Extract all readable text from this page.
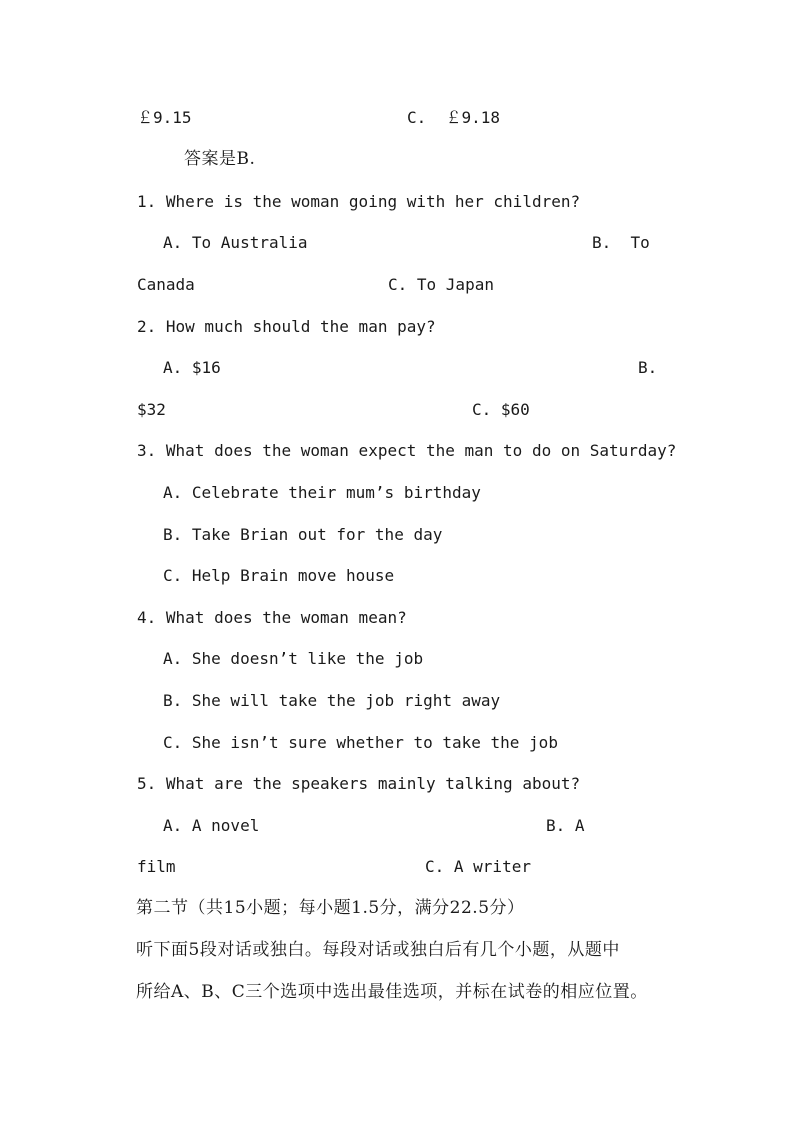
￡9.15	C.  ￡9.18
答案是B.
1. Where is the woman going with her children?
A. To Australia	B.  To
Canada	C. To Japan
2. How much should the man pay?
A. $16	B.
$32	C. $60
3. What does the woman expect the man to do on Saturday?
A. Celebrate their mum’s birthday
B. Take Brian out for the day
C. Help Brain move house
4. What does the woman mean?
A. She doesn’t like the job
B. She will take the job right away
C. She isn’t sure whether to take the job
5. What are the speakers mainly talking about?
A. A novel	B. A
film	C. A writer
第二节（共15小题；每小题1.5分，满分22.5分）
听下面5段对话或独白。每段对话或独白后有几个小题，从题中
所给A、B、C三个选项中选出最佳选项，并标在试卷的相应位置。
